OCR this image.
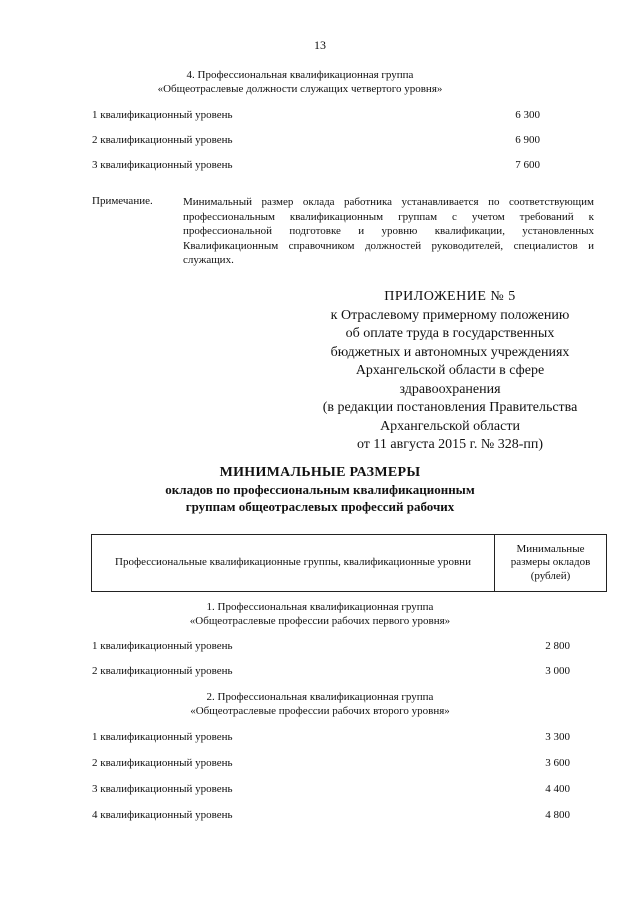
13
4. Профессиональная квалификационная группа
«Общеотраслевые должности служащих четвертого уровня»
1 квалификационный уровень	6 300
2 квалификационный уровень	6 900
3 квалификационный уровень	7 600
Примечание.	Минимальный размер оклада работника устанавливается по соответствующим профессиональным квалификационным группам с учетом требований к профессиональной подготовке и уровню квалификации, установленных Квалификационным справочником должностей руководителей, специалистов и служащих.
ПРИЛОЖЕНИЕ № 5
к Отраслевому примерному положению
об оплате труда в государственных
бюджетных и автономных учреждениях
Архангельской области в сфере
здравоохранения
(в редакции постановления Правительства
Архангельской области
от 11 августа 2015 г. № 328-пп)
МИНИМАЛЬНЫЕ РАЗМЕРЫ
окладов по профессиональным квалификационным
группам общеотраслевых профессий рабочих
Профессиональные квалификационные группы, квалификационные уровни	Минимальные размеры окладов (рублей)
1. Профессиональная квалификационная группа
«Общеотраслевые профессии рабочих первого уровня»
1 квалификационный уровень	2 800
2 квалификационный уровень	3 000
2. Профессиональная квалификационная группа
«Общеотраслевые профессии рабочих второго уровня»
1 квалификационный уровень	3 300
2 квалификационный уровень	3 600
3 квалификационный уровень	4 400
4 квалификационный уровень	4 800
